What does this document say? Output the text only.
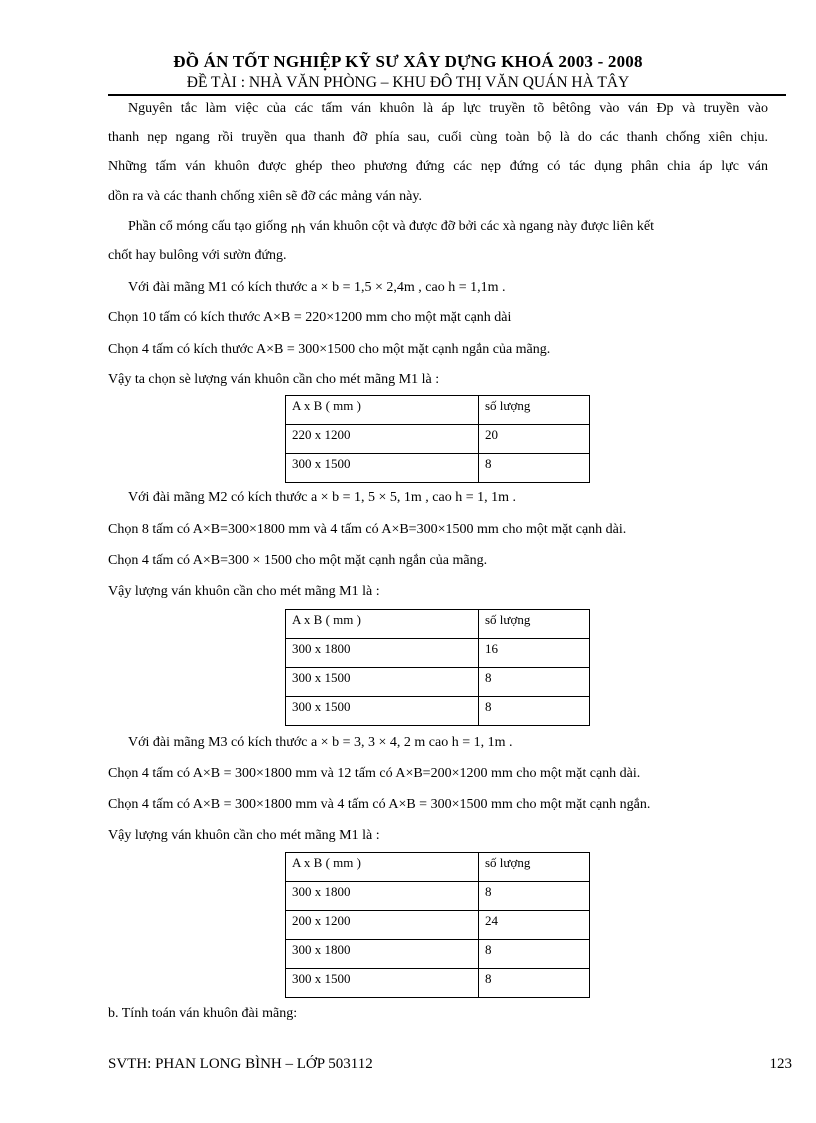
ĐỒ ÁN TỐT NGHIỆP KỸ SƯ XÂY DỰNG KHOÁ 2003 - 2008
ĐỀ TÀI : NHÀ VĂN PHÒNG – KHU ĐÔ THỊ VĂN QUÁN HÀ TÂY
Nguyên tắc làm việc của các tấm ván khuôn là áp lực truyền tõ bêtông vào ván Đp và truyền vào
thanh nẹp ngang rồi truyền qua thanh đỡ phía sau, cuối cùng toàn bộ là do các thanh chống xiên chịu.
Những tấm ván khuôn được ghép theo phương đứng các nẹp đứng có tác dụng phân chia áp lực ván
dồn ra và các thanh chống xiên sẽ đỡ các mảng ván này.
Phần cổ móng cấu tạo giống nh ván khuôn cột và được đỡ bởi các xà ngang này được liên kết
chốt hay bulông với sườn đứng.
Với đài mãng M1 có kích thước a × b = 1,5 × 2,4m , cao h = 1,1m .
Chọn 10 tấm có kích thước A×B = 220×1200 mm cho một mặt cạnh dài
Chọn 4 tấm có kích thước A×B = 300×1500 cho một mặt cạnh ngắn của mãng.
Vậy ta chọn sè lượng ván khuôn cần cho mét mãng M1 là :
A x B ( mm )	số lượng
220 x 1200	20
300 x 1500	8
Với đài mãng M2 có kích thước a × b = 1, 5 × 5, 1m , cao h = 1, 1m .
Chọn 8 tấm có A×B=300×1800 mm và 4 tấm có A×B=300×1500 mm cho một mặt cạnh dài.
Chọn 4 tấm có A×B=300 × 1500 cho một mặt cạnh ngắn của mãng.
Vậy lượng ván khuôn cần cho mét mãng M1 là :
A x B ( mm )	số lượng
300 x 1800	16
300 x 1500	8
300 x 1500	8
Với đài mãng M3 có kích thước a × b = 3, 3 × 4, 2 m cao h = 1, 1m .
Chọn 4 tấm có A×B = 300×1800 mm và 12 tấm có A×B=200×1200 mm cho một mặt cạnh dài.
Chọn 4 tấm có A×B = 300×1800 mm và 4 tấm có A×B = 300×1500 mm cho một mặt cạnh ngắn.
Vậy lượng ván khuôn cần cho mét mãng M1 là :
A x B ( mm )	số lượng
300 x 1800	8
200 x 1200	24
300 x 1800	8
300 x 1500	8
b. Tính toán ván khuôn đài mãng:
SVTH: PHAN LONG BÌNH – LỚP 503112	123
